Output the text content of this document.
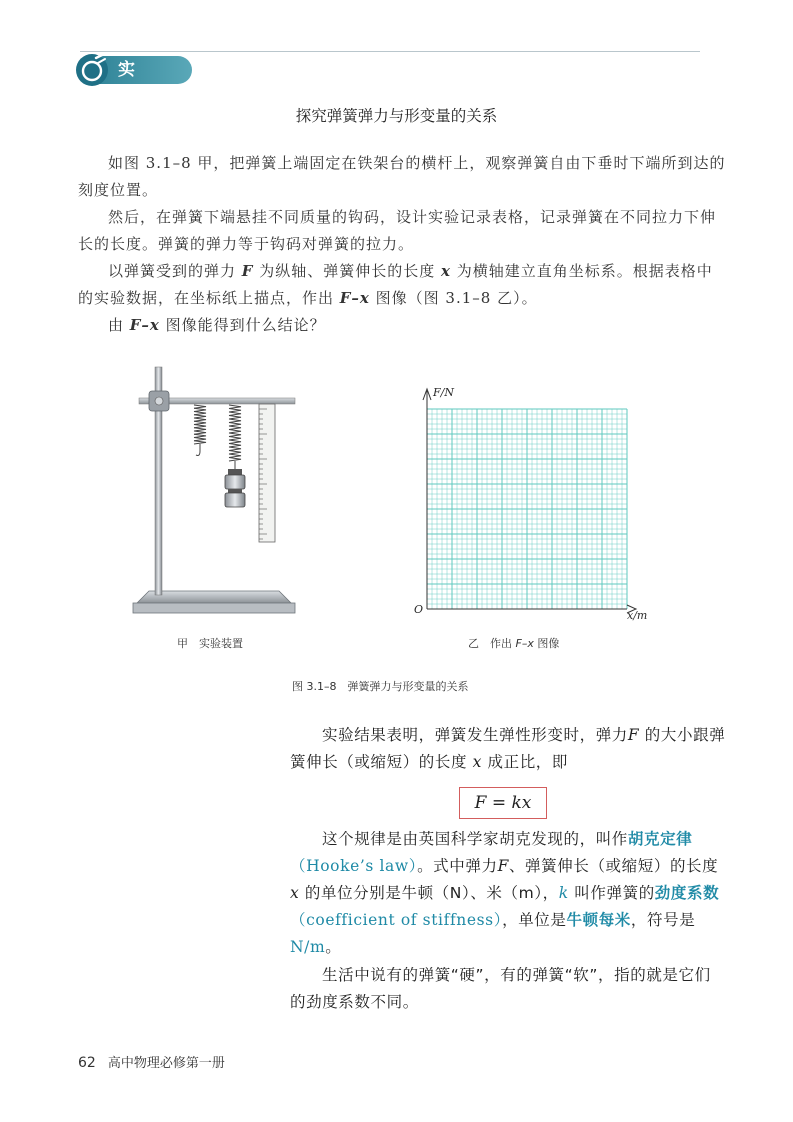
实 验
探究弹簧弹力与形变量的关系
如图 3.1–8 甲，把弹簧上端固定在铁架台的横杆上，观察弹簧自由下垂时下端所到达的刻度位置。
然后，在弹簧下端悬挂不同质量的钩码，设计实验记录表格，记录弹簧在不同拉力下伸长的长度。弹簧的弹力等于钩码对弹簧的拉力。
以弹簧受到的弹力 F 为纵轴、弹簧伸长的长度 x 为横轴建立直角坐标系。根据表格中的实验数据，在坐标纸上描点，作出 F–x 图像（图 3.1–8 乙）。
由 F–x 图像能得到什么结论？
F/N
x/m
O
甲　实验装置	乙　作出 F–x 图像
图 3.1–8　弹簧弹力与形变量的关系
实验结果表明，弹簧发生弹性形变时，弹力F 的大小跟弹簧伸长（或缩短）的长度 x 成正比，即
F = kx
这个规律是由英国科学家胡克发现的，叫作胡克定律（Hooke’s law）。式中弹力F、弹簧伸长（或缩短）的长度x 的单位分别是牛顿（N）、米（m），k 叫作弹簧的劲度系数（coefficient of stiffness），单位是牛顿每米，符号是N/m。
生活中说有的弹簧“硬”，有的弹簧“软”，指的就是它们的劲度系数不同。
62 高中物理必修第一册
